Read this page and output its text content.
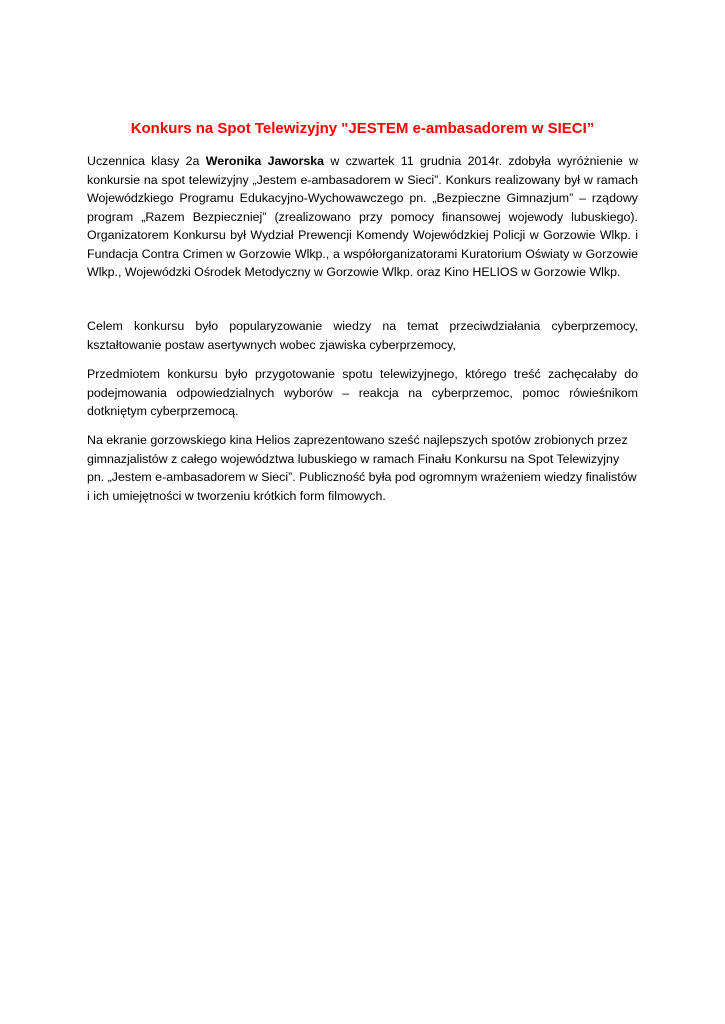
Konkurs na Spot Telewizyjny "JESTEM e-ambasadorem w SIECI”

Uczennica klasy 2a Weronika Jaworska w czwartek 11 grudnia 2014r. zdobyła wyróżnienie w konkursie na spot telewizyjny „Jestem e-ambasadorem w Sieci”. Konkurs realizowany był w ramach Wojewódzkiego Programu Edukacyjno-Wychowawczego pn. „Bezpieczne Gimnazjum” – rządowy program „Razem Bezpieczniej” (zrealizowano przy pomocy finansowej wojewody lubuskiego). Organizatorem Konkursu był Wydział Prewencji Komendy Wojewódzkiej Policji w Gorzowie Wlkp. i Fundacja Contra Crimen w Gorzowie Wlkp., a współorganizatorami Kuratorium Oświaty w Gorzowie Wlkp., Wojewódzki Ośrodek Metodyczny w Gorzowie Wlkp. oraz Kino HELIOS w Gorzowie Wlkp.

Celem konkursu było popularyzowanie wiedzy na temat przeciwdziałania cyberprzemocy, kształtowanie postaw asertywnych wobec zjawiska cyberprzemocy,

Przedmiotem konkursu było przygotowanie spotu telewizyjnego, którego treść zachęcałaby do podejmowania odpowiedzialnych wyborów – reakcja na cyberprzemoc, pomoc rówieśnikom dotkniętym cyberprzemocą.

Na ekranie gorzowskiego kina Helios zaprezentowano sześć najlepszych spotów zrobionych przez gimnazjalistów z całego województwa lubuskiego w ramach Finału Konkursu na Spot Telewizyjny pn. „Jestem e-ambasadorem w Sieci”. Publiczność była pod ogromnym wrażeniem wiedzy finalistów i ich umiejętności w tworzeniu krótkich form filmowych.
